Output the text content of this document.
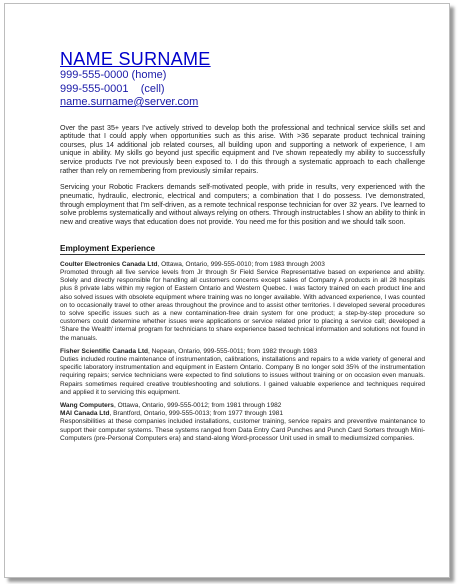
NAME SURNAME
999-555-0000 (home)
999-555-0001    (cell)
name.surname@server.com

Over the past 35+ years I've actively strived to develop both the professional and technical service skills set and aptitude that I could apply when opportunities such as this arise. With >36 separate product technical training courses, plus 14 additional job related courses, all building upon and supporting a network of experience, I am unique in ability. My skills go beyond just specific equipment and I've shown repeatedly my ability to successfully service products I've not previously been exposed to. I do this through a systematic approach to each challenge rather than rely on remembering from previously similar repairs.

Servicing your Robotic Frackers demands self-motivated people, with pride in results, very experienced with the pneumatic, hydraulic, electronic, electrical and computers; a combination that I do possess. I've demonstrated, through employment that I'm self-driven, as a remote technical response technician for over 32 years. I've learned to solve problems systematically and without always relying on others. Through instructables I show an ability to think in new and creative ways that education does not provide. You need me for this position and we should talk soon.

Employment Experience

Coulter Electronics Canada Ltd, Ottawa, Ontario, 999-555-0010; from 1983 through 2003

Promoted through all five service levels from Jr through Sr Field Service Representative based on experience and ability. Solely and directly responsible for handling all customers concerns except sales of Company A products in all 28 hospitals plus 8 private labs within my region of Eastern Ontario and Western Quebec. I was factory trained on each product line and also solved issues with obsolete equipment where training was no longer available. With advanced experience, I was counted on to occasionally travel to other areas throughout the province and to assist other territories. I developed several procedures to solve specific issues such as a new contamination-free drain system for one product; a step-by-step procedure so customers could determine whether issues were applications or service related prior to placing a service call; developed a 'Share the Wealth' internal program for technicians to share experience based technical information and solutions not found in the manuals.

Fisher Scientific Canada Ltd, Nepean, Ontario, 999-555-0011; from 1982 through 1983

Duties included routine maintenance of instrumentation, calibrations, installations and repairs to a wide variety of general and specific laboratory instrumentation and equipment in Eastern Ontario. Company B no longer sold 35% of the instrumentation requiring repairs; service technicians were expected to find solutions to issues without training or on occasion even manuals. Repairs sometimes required creative troubleshooting and solutions. I gained valuable experience and techniques required and applied it to servicing this equipment.

Wang Computers, Ottawa, Ontario, 999-555-0012; from 1981 through 1982

MAI Canada Ltd, Brantford, Ontario, 999-555-0013; from 1977 through 1981

Responsibilities at these companies included installations, customer training, service repairs and preventive maintenance to support their computer systems. These systems ranged from Data Entry Card Punches and Punch Card Sorters through Mini-Computers (pre-Personal Computers era) and stand-along Word-processor Unit used in small to mediumsized companies.
